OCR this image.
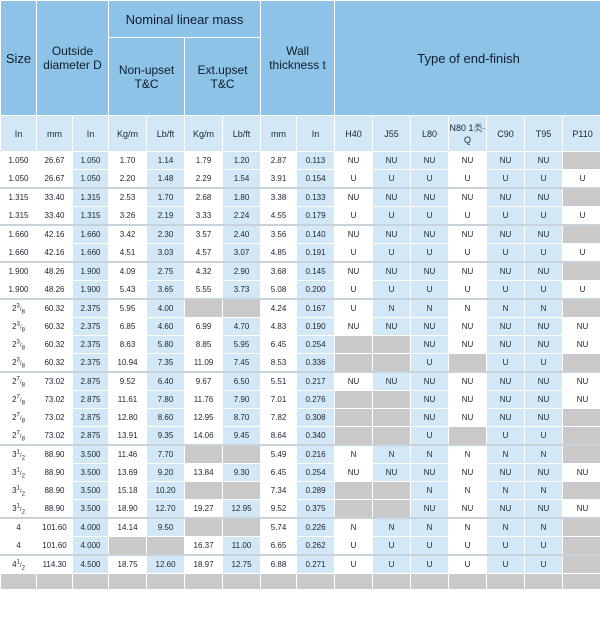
Size	Outside diameter D		Nominal linear mass				Wall thickness t		Type of end-finish						
			Non-upset T&C		Ext.upset T&C										
In	mm	In	Kg/m	Lb/ft	Kg/m	Lb/ft	mm	In	H40	J55	L80	N80 1类· Q	C90	T95	P110
1.050	26.67	1.050	1.70	1.14	1.79	1.20	2.87	0.113	NU	NU	NU	NU	NU	NU	
1.050	26.67	1.050	2.20	1.48	2.29	1.54	3.91	0.154	U	U	U	U	U	U	U
1.315	33.40	1.315	2.53	1.70	2.68	1.80	3.38	0.133	NU	NU	NU	NU	NU	NU	
1.315	33.40	1.315	3.26	2.19	3.33	2.24	4.55	0.179	U	U	U	U	U	U	U
1.660	42.16	1.660	3.42	2.30	3.57	2.40	3.56	0.140	NU	NU	NU	NU	NU	NU	
1.660	42.16	1.660	4.51	3.03	4.57	3.07	4.85	0.191	U	U	U	U	U	U	U
1.900	48.26	1.900	4.09	2.75	4.32	2.90	3.68	0.145	NU	NU	NU	NU	NU	NU	
1.900	48.26	1.900	5.43	3.65	5.55	3.73	5.08	0.200	U	U	U	U	U	U	U
$2^3/_8$	60.32	2.375	5.95	4.00			4.24	0.167	U	N	N	N	N	N	
$2^3/_8$	60.32	2.375	6.85	4.60	6.99	4.70	4.83	0.190	NU	NU	NU	NU	NU	NU	NU
$2^3/_8$	60.32	2.375	8.63	5.80	8.85	5.95	6.45	0.254			NU	NU	NU	NU	NU
$2^3/_8$	60.32	2.375	10.94	7.35	11.09	7.45	8.53	0.336			U		U	U	
$2^7/_8$	73.02	2.875	9.52	6.40	9.67	6.50	5.51	0.217	NU	NU	NU	NU	NU	NU	NU
$2^7/_8$	73.02	2.875	11.61	7.80	11.76	7.90	7.01	0.276			NU	NU	NU	NU	NU
$2^7/_8$	73.02	2.875	12.80	8.60	12.95	8.70	7.82	0.308			NU	NU	NU	NU	
$2^7/_8$	73.02	2.875	13.91	9.35	14.06	9.45	8.64	0.340			U		U	U	
$3^1/_2$	88.90	3.500	11.46	7.70			5.49	0.216	N	N	N	N	N	N	
$3^1/_2$	88.90	3.500	13.69	9.20	13.84	9.30	6.45	0.254	NU	NU	NU	NU	NU	NU	NU
$3^1/_2$	88.90	3.500	15.18	10.20			7.34	0.289			N	N	N	N	
$3^1/_2$	88.90	3.500	18.90	12.70	19.27	12.95	9.52	0.375			NU	NU	NU	NU	NU
4	101.60	4.000	14.14	9.50			5.74	0.226	N	N	N	N	N	N	
4	101.60	4.000			16.37	11.00	6.65	0.262	U	U	U	U	U	U	
$4^1/_2$	114.30	4.500	18.75	12.60	18.97	12.75	6.88	0.271	U	U	U	U	U	U	
